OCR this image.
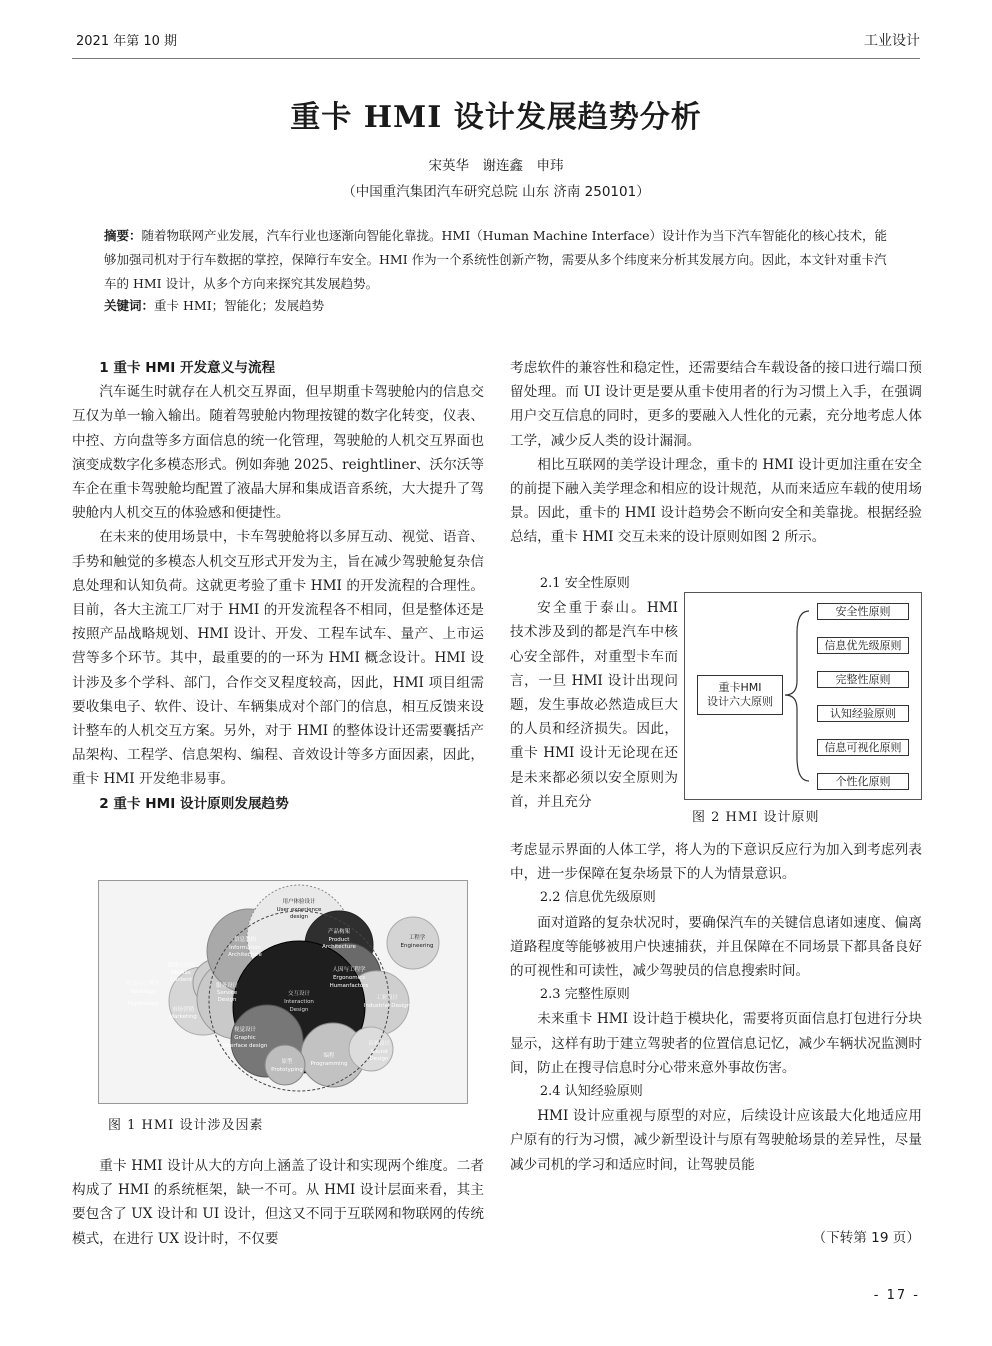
2021 年第 10 期	工业设计
重卡 HMI 设计发展趋势分析
宋英华　谢连鑫　申玮
（中国重汽集团汽车研究总院 山东 济南 250101）
摘要：随着物联网产业发展，汽车行业也逐渐向智能化靠拢。HMI（Human Machine Interface）设计作为当下汽车智能化的核心技术，能够加强司机对于行车数据的掌控，保障行车安全。HMI 作为一个系统性创新产物，需要从多个纬度来分析其发展方向。因此，本文针对重卡汽车的 HMI 设计，从多个方向来探究其发展趋势。
关键词：重卡 HMI；智能化；发展趋势
1 重卡 HMI 开发意义与流程

汽车诞生时就存在人机交互界面，但早期重卡驾驶舱内的信息交互仅为单一输入输出。随着驾驶舱内物理按键的数字化转变，仪表、中控、方向盘等多方面信息的统一化管理，驾驶舱的人机交互界面也演变成数字化多模态形式。例如奔驰 2025、reightliner、沃尔沃等车企在重卡驾驶舱均配置了液晶大屏和集成语音系统，大大提升了驾驶舱内人机交互的体验感和便捷性。

在未来的使用场景中，卡车驾驶舱将以多屏互动、视觉、语音、手势和触觉的多模态人机交互形式开发为主，旨在减少驾驶舱复杂信息处理和认知负荷。这就更考验了重卡 HMI 的开发流程的合理性。目前，各大主流工厂对于 HMI 的开发流程各不相同，但是整体还是按照产品战略规划、HMI 设计、开发、工程车试车、量产、上市运营等多个环节。其中，最重要的的一环为 HMI 概念设计。HMI 设计涉及多个学科、部门，合作交叉程度较高，因此，HMI 项目组需要收集电子、软件、设计、车辆集成对个部门的信息，相互反馈来设计整车的人机交互方案。另外，对于 HMI 的整体设计还需要囊括产品架构、工程学、信息架构、编程、音效设计等多方面因素，因此，重卡 HMI 开发绝非易事。

2 重卡 HMI 设计原则发展趋势
用户体验设计
User experience
design
产品构架
Product
Architecture
工程学
Engineering
信息架构
Information
Architecture
媒体与内容
Medias
Content
人因与工程学
Ergonomics
Humanfactors
社会与心理学
Sociology
Psychology
服务设计
Service
Design
交互设计
Interaction
Design
工业设计
Industrial Design
市场营销
Marketing
视觉设计
Graphic
Interface design	音效设计
Sound
Design
原型
Prototyping
编程
Programming
图 1 HMI 设计涉及因素

重卡 HMI 设计从大的方向上涵盖了设计和实现两个维度。二者构成了 HMI 的系统框架，缺一不可。从 HMI 设计层面来看，其主要包含了 UX 设计和 UI 设计，但这又不同于互联网和物联网的传统模式，在进行 UX 设计时，不仅要

考虑软件的兼容性和稳定性，还需要结合车载设备的接口进行端口预留处理。而 UI 设计更是要从重卡使用者的行为习惯上入手，在强调用户交互信息的同时，更多的要融入人性化的元素，充分地考虑人体工学，减少反人类的设计漏洞。

相比互联网的美学设计理念，重卡的 HMI 设计更加注重在安全的前提下融入美学理念和相应的设计规范，从而来适应车载的使用场景。因此，重卡的 HMI 设计趋势会不断向安全和美靠拢。根据经验总结，重卡 HMI 交互未来的设计原则如图 2 所示。

2.1 安全性原则

安全重于泰山。HMI 技术涉及到的都是汽车中核心安全部件，对重型卡车而言，一旦 HMI 设计出现问题，发生事故必然造成巨大的人员和经济损失。因此，重卡 HMI 设计无论现在还是未来都必须以安全原则为首，并且充分

重卡HMI
设计六大原则
安全性原则
信息优先级原则
完整性原则
认知经验原则
信息可视化原则
个性化原则
图 2 HMI 设计原则
考虑显示界面的人体工学，将人为的下意识反应行为加入到考虑列表中，进一步保障在复杂场景下的人为情景意识。
2.2 信息优先级原则

面对道路的复杂状况时，要确保汽车的关键信息诸如速度、偏离道路程度等能够被用户快速捕获，并且保障在不同场景下都具备良好的可视性和可读性，减少驾驶员的信息搜索时间。

2.3 完整性原则

未来重卡 HMI 设计趋于模块化，需要将页面信息打包进行分块显示，这样有助于建立驾驶者的位置信息记忆，减少车辆状况监测时间，防止在搜寻信息时分心带来意外事故伤害。

2.4 认知经验原则

HMI 设计应重视与原型的对应，后续设计应该最大化地适应用户原有的行为习惯，减少新型设计与原有驾驶舱场景的差异性，尽量减少司机的学习和适应时间，让驾驶员能

（下转第 19 页）
- 17 -
